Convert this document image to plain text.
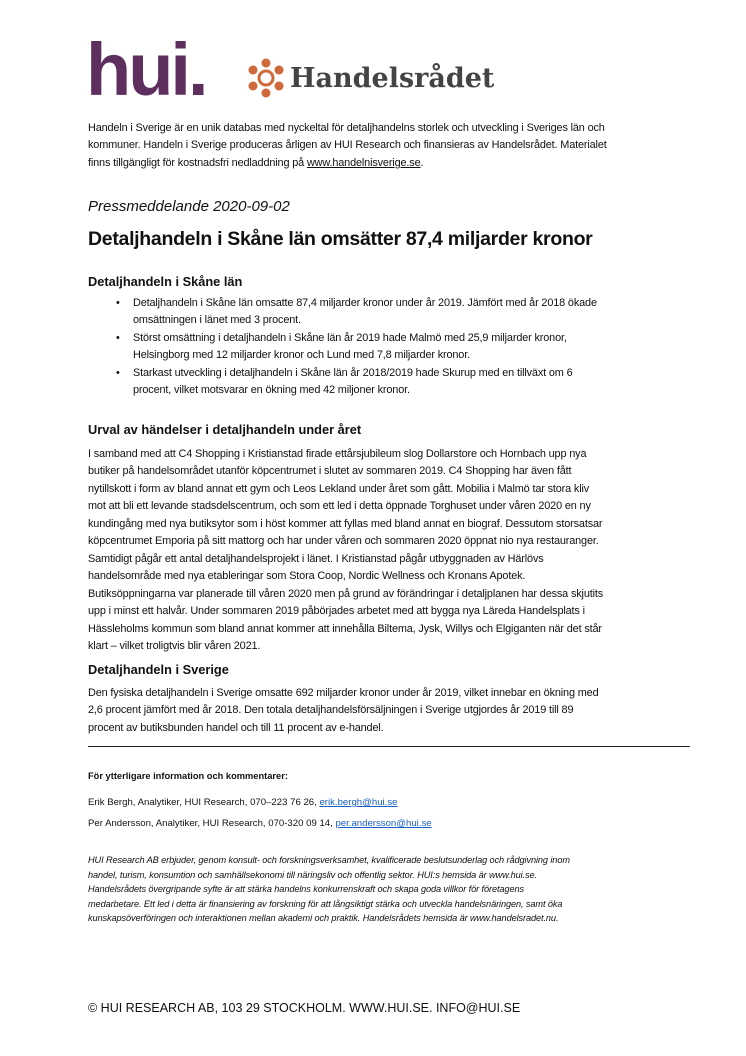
hui.	Handelsrådet
Handeln i Sverige är en unik databas med nyckeltal för detaljhandelns storlek och utveckling i Sveriges län och
kommuner. Handeln i Sverige produceras årligen av HUI Research och finansieras av Handelsrådet. Materialet
finns tillgängligt för kostnadsfri nedladdning på www.handelnisverige.se.
Pressmeddelande 2020-09-02
Detaljhandeln i Skåne län omsätter 87,4 miljarder kronor
Detaljhandeln i Skåne län
• Detaljhandeln i Skåne län omsatte 87,4 miljarder kronor under år 2019. Jämfört med år 2018 ökade
omsättningen i länet med 3 procent.
• Störst omsättning i detaljhandeln i Skåne län år 2019 hade Malmö med 25,9 miljarder kronor,
Helsingborg med 12 miljarder kronor och Lund med 7,8 miljarder kronor.
• Starkast utveckling i detaljhandeln i Skåne län år 2018/2019 hade Skurup med en tillväxt om 6
procent, vilket motsvarar en ökning med 42 miljoner kronor.
Urval av händelser i detaljhandeln under året
I samband med att C4 Shopping i Kristianstad firade ettårsjubileum slog Dollarstore och Hornbach upp nya
butiker på handelsområdet utanför köpcentrumet i slutet av sommaren 2019. C4 Shopping har även fått
nytillskott i form av bland annat ett gym och Leos Lekland under året som gått. Mobilia i Malmö tar stora kliv
mot att bli ett levande stadsdelscentrum, och som ett led i detta öppnade Torghuset under våren 2020 en ny
kundingång med nya butiksytor som i höst kommer att fyllas med bland annat en biograf. Dessutom storsatsar
köpcentrumet Emporia på sitt mattorg och har under våren och sommaren 2020 öppnat nio nya restauranger.
Samtidigt pågår ett antal detaljhandelsprojekt i länet. I Kristianstad pågår utbyggnaden av Härlövs
handelsområde med nya etableringar som Stora Coop, Nordic Wellness och Kronans Apotek.
Butiksöppningarna var planerade till våren 2020 men på grund av förändringar i detaljplanen har dessa skjutits
upp i minst ett halvår. Under sommaren 2019 påbörjades arbetet med att bygga nya Läreda Handelsplats i
Hässleholms kommun som bland annat kommer att innehålla Biltema, Jysk, Willys och Elgiganten när det står
klart – vilket troligtvis blir våren 2021.
Detaljhandeln i Sverige
Den fysiska detaljhandeln i Sverige omsatte 692 miljarder kronor under år 2019, vilket innebar en ökning med
2,6 procent jämfört med år 2018. Den totala detaljhandelsförsäljningen i Sverige utgjordes år 2019 till 89
procent av butiksbunden handel och till 11 procent av e-handel.
För ytterligare information och kommentarer:
Erik Bergh, Analytiker, HUI Research, 070–223 76 26, erik.bergh@hui.se
Per Andersson, Analytiker, HUI Research, 070-320 09 14, per.andersson@hui.se
HUI Research AB erbjuder, genom konsult- och forskningsverksamhet, kvalificerade beslutsunderlag och rådgivning inom
handel, turism, konsumtion och samhällsekonomi till näringsliv och offentlig sektor. HUI:s hemsida är www.hui.se.
Handelsrådets övergripande syfte är att stärka handelns konkurrenskraft och skapa goda villkor för företagens
medarbetare. Ett led i detta är finansiering av forskning för att långsiktigt stärka och utveckla handelsnäringen, samt öka
kunskapsöverföringen och interaktionen mellan akademi och praktik. Handelsrådets hemsida är www.handelsradet.nu.
© HUI RESEARCH AB, 103 29 STOCKHOLM. WWW.HUI.SE. INFO@HUI.SE
